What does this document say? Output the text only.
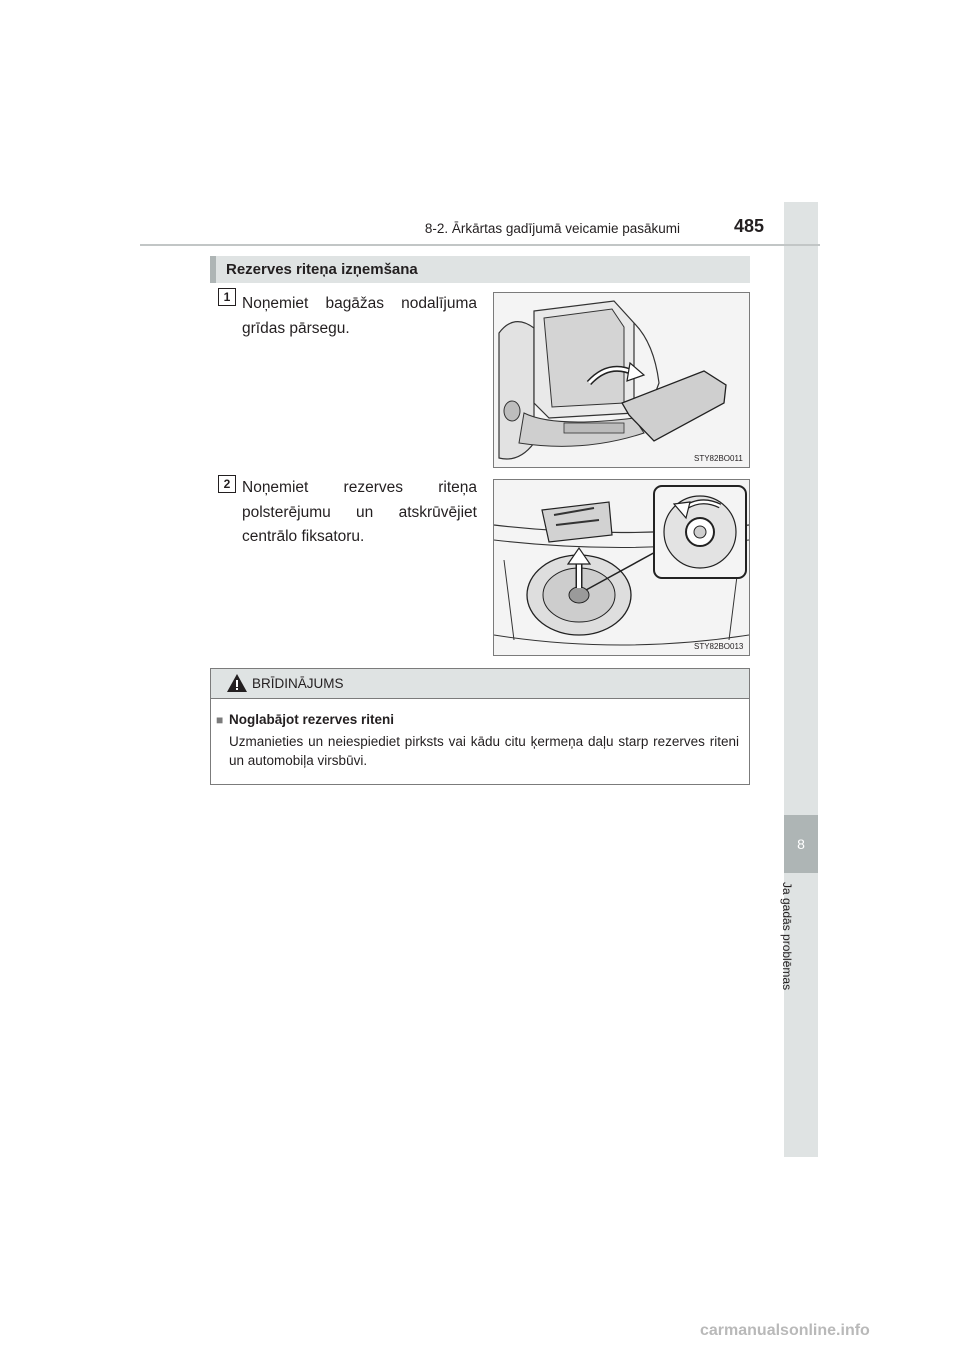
8
Ja gadās problēmas
8-2. Ārkārtas gadījumā veicamie pasākumi	485
Rezerves riteņa izņemšana
1 Noņemiet bagāžas nodalījuma grīdas pārsegu.
STY82BO011
2 Noņemiet rezerves riteņa polsterējumu un atskrūvējiet centrālo fiksatoru.
STY82BO013
BRĪDINĀJUMS
■ Noglabājot rezerves riteni
Uzmanieties un neiespiediet pirksts vai kādu citu ķermeņa daļu starp rezerves riteni un automobiļa virsbūvi.
carmanualsonline.info
